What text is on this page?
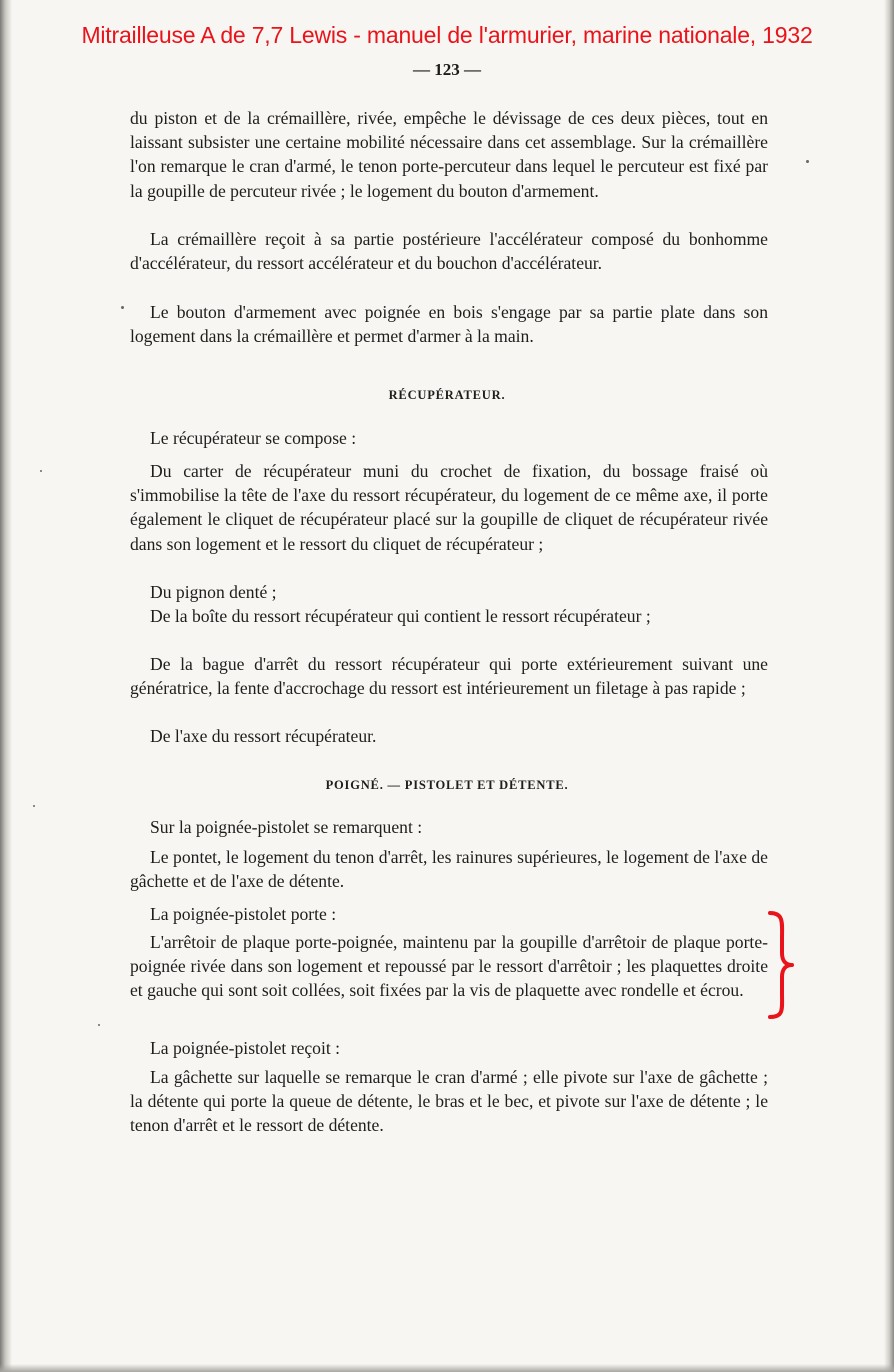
Mitrailleuse A de 7,7 Lewis - manuel de l'armurier, marine nationale, 1932
— 123 —

du piston et de la crémaillère, rivée, empêche le dévissage de ces deux pièces, tout en laissant subsister une certaine mobilité nécessaire dans cet assemblage. Sur la crémaillère l'on remarque le cran d'armé, le tenon porte-percuteur dans lequel le percuteur est fixé par la goupille de percuteur rivée ; le logement du bouton d'armement.

La crémaillère reçoit à sa partie postérieure l'accélérateur composé du bonhomme d'accélérateur, du ressort accélérateur et du bouchon d'accélérateur.

Le bouton d'armement avec poignée en bois s'engage par sa partie plate dans son logement dans la crémaillère et permet d'armer à la main.

RÉCUPÉRATEUR.

Le récupérateur se compose :

Du carter de récupérateur muni du crochet de fixation, du bossage fraisé où s'immobilise la tête de l'axe du ressort récupérateur, du logement de ce même axe, il porte également le cliquet de récupérateur placé sur la goupille de cliquet de récupérateur rivée dans son logement et le ressort du cliquet de récupérateur ;

Du pignon denté ;

De la boîte du ressort récupérateur qui contient le ressort récupérateur ;

De la bague d'arrêt du ressort récupérateur qui porte extérieurement suivant une génératrice, la fente d'accrochage du ressort est intérieurement un filetage à pas rapide ;

De l'axe du ressort récupérateur.

POIGNÉ. — PISTOLET ET DÉTENTE.

Sur la poignée-pistolet se remarquent :

Le pontet, le logement du tenon d'arrêt, les rainures supérieures, le logement de l'axe de gâchette et de l'axe de détente.

La poignée-pistolet porte :

L'arrêtoir de plaque porte-poignée, maintenu par la goupille d'arrêtoir de plaque porte-poignée rivée dans son logement et repoussé par le ressort d'arrêtoir ; les plaquettes droite et gauche qui sont soit collées, soit fixées par la vis de plaquette avec rondelle et écrou.

La poignée-pistolet reçoit :

La gâchette sur laquelle se remarque le cran d'armé ; elle pivote sur l'axe de gâchette ; la détente qui porte la queue de détente, le bras et le bec, et pivote sur l'axe de détente ; le tenon d'arrêt et le ressort de détente.
